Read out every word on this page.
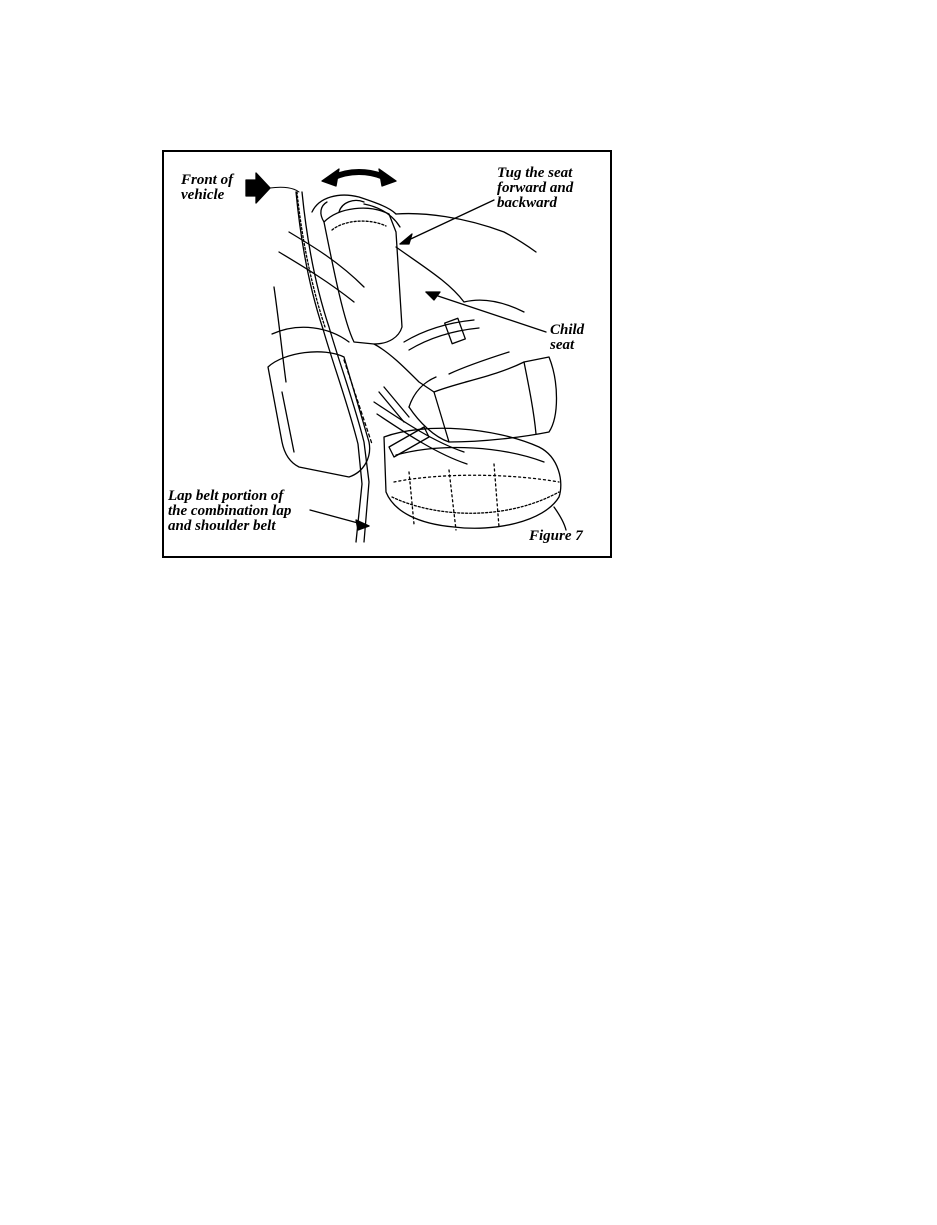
Front of
vehicle
Tug the seat
forward and
backward
Child
seat
Lap belt portion of
the combination lap
and shoulder belt
Figure 7
